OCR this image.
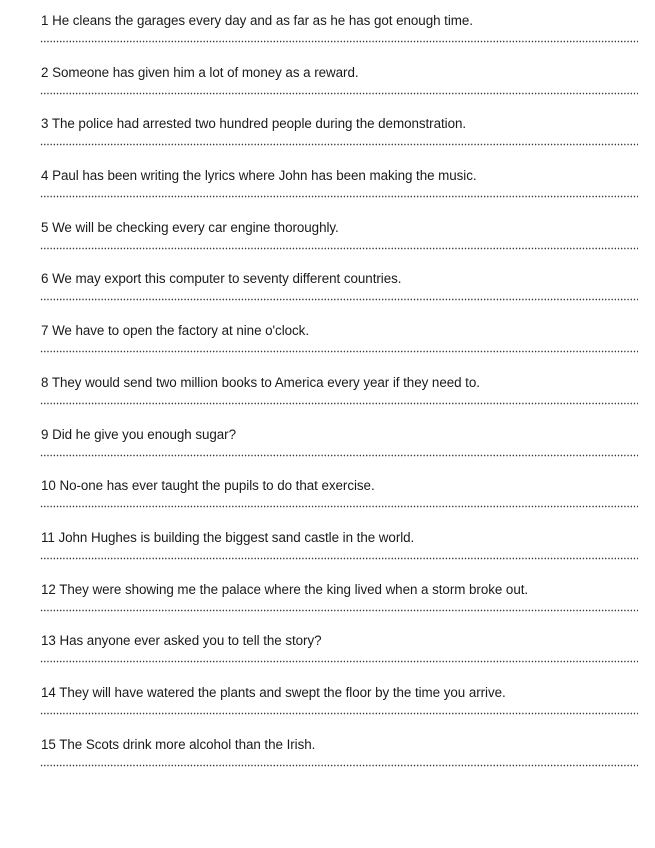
1 He cleans the garages every day and as far as he has got enough time.
2 Someone has given him a lot of money as a reward.
3 The police had arrested two hundred people during the demonstration.
4 Paul has been writing the lyrics where John has been making the music.
5 We will be checking every car engine thoroughly.
6 We may export this computer to seventy different countries.
7 We have to open the factory at nine o'clock.
8 They would send two million books to America every year if they need to.
9 Did he give you enough sugar?
10 No-one has ever taught the pupils to do that exercise.
11 John Hughes is building the biggest sand castle in the world.
12 They were showing me the palace where the king lived when a storm broke out.
13 Has anyone ever asked you to tell the story?
14 They will have watered the plants and swept the floor by the time you arrive.
15 The Scots drink more alcohol than the Irish.
